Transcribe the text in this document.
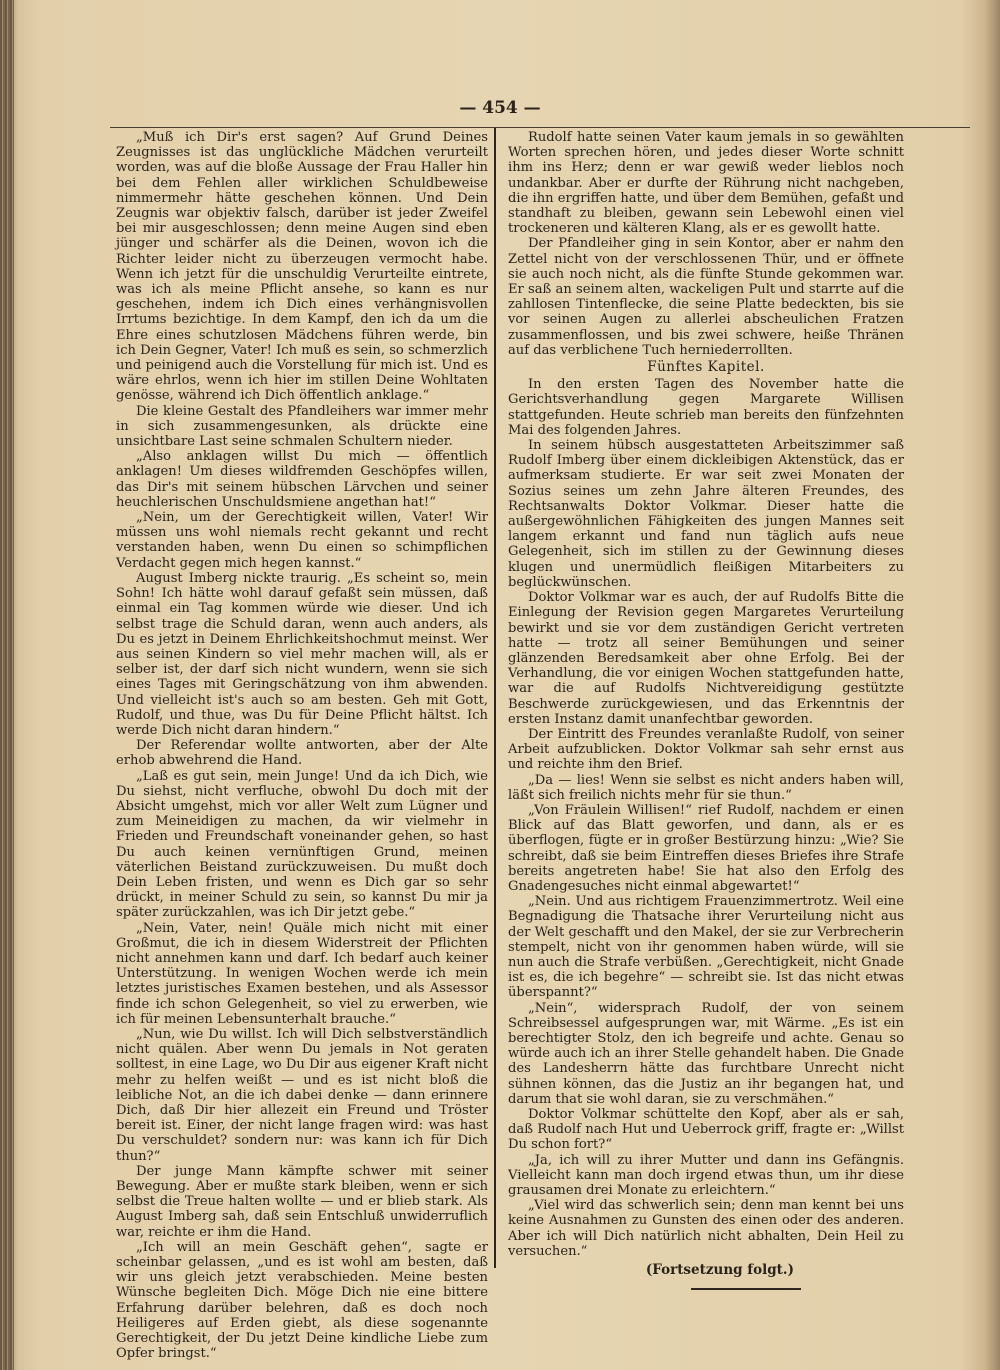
— 454 —

„Muß ich Dir's erst sagen? Auf Grund Deines Zeugnisses ist das unglückliche Mädchen verurteilt worden, was auf die bloße Aussage der Frau Haller hin bei dem Fehlen aller wirklichen Schuldbeweise nimmermehr hätte geschehen können. Und Dein Zeugnis war objektiv falsch, darüber ist jeder Zweifel bei mir ausgeschlossen; denn meine Augen sind eben jünger und schärfer als die Deinen, wovon ich die Richter leider nicht zu überzeugen vermocht habe. Wenn ich jetzt für die unschuldig Verurteilte eintrete, was ich als meine Pflicht ansehe, so kann es nur geschehen, indem ich Dich eines verhängnisvollen Irrtums bezichtige. In dem Kampf, den ich da um die Ehre eines schutzlosen Mädchens führen werde, bin ich Dein Gegner, Vater! Ich muß es sein, so schmerzlich und peinigend auch die Vorstellung für mich ist. Und es wäre ehrlos, wenn ich hier im stillen Deine Wohltaten genösse, während ich Dich öffentlich anklage.“

Die kleine Gestalt des Pfandleihers war immer mehr in sich zusammengesunken, als drückte eine unsichtbare Last seine schmalen Schultern nieder.

„Also anklagen willst Du mich — öffentlich anklagen! Um dieses wildfremden Geschöpfes willen, das Dir's mit seinem hübschen Lärvchen und seiner heuchlerischen Unschuldsmiene angethan hat!“

„Nein, um der Gerechtigkeit willen, Vater! Wir müssen uns wohl niemals recht gekannt und recht verstanden haben, wenn Du einen so schimpflichen Verdacht gegen mich hegen kannst.“

August Imberg nickte traurig. „Es scheint so, mein Sohn! Ich hätte wohl darauf gefaßt sein müssen, daß einmal ein Tag kommen würde wie dieser. Und ich selbst trage die Schuld daran, wenn auch anders, als Du es jetzt in Deinem Ehrlichkeitshochmut meinst. Wer aus seinen Kindern so viel mehr machen will, als er selber ist, der darf sich nicht wundern, wenn sie sich eines Tages mit Geringschätzung von ihm abwenden. Und vielleicht ist's auch so am besten. Geh mit Gott, Rudolf, und thue, was Du für Deine Pflicht hältst. Ich werde Dich nicht daran hindern.“

Der Referendar wollte antworten, aber der Alte erhob abwehrend die Hand.

„Laß es gut sein, mein Junge! Und da ich Dich, wie Du siehst, nicht verfluche, obwohl Du doch mit der Absicht umgehst, mich vor aller Welt zum Lügner und zum Meineidigen zu machen, da wir vielmehr in Frieden und Freundschaft voneinander gehen, so hast Du auch keinen vernünftigen Grund, meinen väterlichen Beistand zurückzuweisen. Du mußt doch Dein Leben fristen, und wenn es Dich gar so sehr drückt, in meiner Schuld zu sein, so kannst Du mir ja später zurückzahlen, was ich Dir jetzt gebe.“

„Nein, Vater, nein! Quäle mich nicht mit einer Großmut, die ich in diesem Widerstreit der Pflichten nicht annehmen kann und darf. Ich bedarf auch keiner Unterstützung. In wenigen Wochen werde ich mein letztes juristisches Examen bestehen, und als Assessor finde ich schon Gelegenheit, so viel zu erwerben, wie ich für meinen Lebensunterhalt brauche.“

„Nun, wie Du willst. Ich will Dich selbstverständlich nicht quälen. Aber wenn Du jemals in Not geraten solltest, in eine Lage, wo Du Dir aus eigener Kraft nicht mehr zu helfen weißt — und es ist nicht bloß die leibliche Not, an die ich dabei denke — dann erinnere Dich, daß Dir hier allezeit ein Freund und Tröster bereit ist. Einer, der nicht lange fragen wird: was hast Du verschuldet? sondern nur: was kann ich für Dich thun?“

Der junge Mann kämpfte schwer mit seiner Bewegung. Aber er mußte stark bleiben, wenn er sich selbst die Treue halten wollte — und er blieb stark. Als August Imberg sah, daß sein Entschluß unwiderruflich war, reichte er ihm die Hand.

„Ich will an mein Geschäft gehen“, sagte er scheinbar gelassen, „und es ist wohl am besten, daß wir uns gleich jetzt verabschieden. Meine besten Wünsche begleiten Dich. Möge Dich nie eine bittere Erfahrung darüber belehren, daß es doch noch Heiligeres auf Erden giebt, als diese sogenannte Gerechtigkeit, der Du jetzt Deine kindliche Liebe zum Opfer bringst.“

Rudolf hatte seinen Vater kaum jemals in so gewählten Worten sprechen hören, und jedes dieser Worte schnitt ihm ins Herz; denn er war gewiß weder lieblos noch undankbar. Aber er durfte der Rührung nicht nachgeben, die ihn ergriffen hatte, und über dem Bemühen, gefaßt und standhaft zu bleiben, gewann sein Lebewohl einen viel trockeneren und kälteren Klang, als er es gewollt hatte.

Der Pfandleiher ging in sein Kontor, aber er nahm den Zettel nicht von der verschlossenen Thür, und er öffnete sie auch noch nicht, als die fünfte Stunde gekommen war. Er saß an seinem alten, wackeligen Pult und starrte auf die zahllosen Tintenflecke, die seine Platte bedeckten, bis sie vor seinen Augen zu allerlei abscheulichen Fratzen zusammenflossen, und bis zwei schwere, heiße Thränen auf das verblichene Tuch herniederrollten.

Fünftes Kapitel.

In den ersten Tagen des November hatte die Gerichtsverhandlung gegen Margarete Willisen stattgefunden. Heute schrieb man bereits den fünfzehnten Mai des folgenden Jahres.

In seinem hübsch ausgestatteten Arbeitszimmer saß Rudolf Imberg über einem dickleibigen Aktenstück, das er aufmerksam studierte. Er war seit zwei Monaten der Sozius seines um zehn Jahre älteren Freundes, des Rechtsanwalts Doktor Volkmar. Dieser hatte die außergewöhnlichen Fähigkeiten des jungen Mannes seit langem erkannt und fand nun täglich aufs neue Gelegenheit, sich im stillen zu der Gewinnung dieses klugen und unermüdlich fleißigen Mitarbeiters zu beglückwünschen.

Doktor Volkmar war es auch, der auf Rudolfs Bitte die Einlegung der Revision gegen Margaretes Verurteilung bewirkt und sie vor dem zuständigen Gericht vertreten hatte — trotz all seiner Bemühungen und seiner glänzenden Beredsamkeit aber ohne Erfolg. Bei der Verhandlung, die vor einigen Wochen stattgefunden hatte, war die auf Rudolfs Nichtvereidigung gestützte Beschwerde zurückgewiesen, und das Erkenntnis der ersten Instanz damit unanfechtbar geworden.

Der Eintritt des Freundes veranlaßte Rudolf, von seiner Arbeit aufzublicken. Doktor Volkmar sah sehr ernst aus und reichte ihm den Brief.

„Da — lies! Wenn sie selbst es nicht anders haben will, läßt sich freilich nichts mehr für sie thun.“

„Von Fräulein Willisen!“ rief Rudolf, nachdem er einen Blick auf das Blatt geworfen, und dann, als er es überflogen, fügte er in großer Bestürzung hinzu: „Wie? Sie schreibt, daß sie beim Eintreffen dieses Briefes ihre Strafe bereits angetreten habe! Sie hat also den Erfolg des Gnadengesuches nicht einmal abgewartet!“

„Nein. Und aus richtigem Frauenzimmertrotz. Weil eine Begnadigung die Thatsache ihrer Verurteilung nicht aus der Welt geschafft und den Makel, der sie zur Verbrecherin stempelt, nicht von ihr genommen haben würde, will sie nun auch die Strafe verbüßen. „Gerechtigkeit, nicht Gnade ist es, die ich begehre“ — schreibt sie. Ist das nicht etwas überspannt?“

„Nein“, widersprach Rudolf, der von seinem Schreibsessel aufgesprungen war, mit Wärme. „Es ist ein berechtigter Stolz, den ich begreife und achte. Genau so würde auch ich an ihrer Stelle gehandelt haben. Die Gnade des Landesherrn hätte das furchtbare Unrecht nicht sühnen können, das die Justiz an ihr begangen hat, und darum that sie wohl daran, sie zu verschmähen.“

Doktor Volkmar schüttelte den Kopf, aber als er sah, daß Rudolf nach Hut und Ueberrock griff, fragte er: „Willst Du schon fort?“

„Ja, ich will zu ihrer Mutter und dann ins Gefängnis. Vielleicht kann man doch irgend etwas thun, um ihr diese grausamen drei Monate zu erleichtern.“

„Viel wird das schwerlich sein; denn man kennt bei uns keine Ausnahmen zu Gunsten des einen oder des anderen. Aber ich will Dich natürlich nicht abhalten, Dein Heil zu versuchen.“

(Fortsetzung folgt.)
